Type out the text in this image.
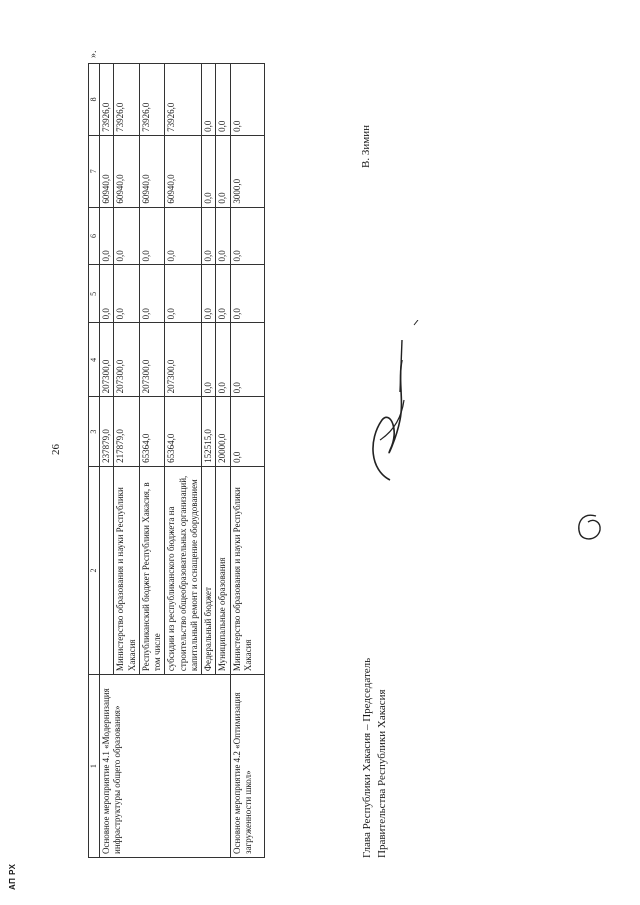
26
АП РХ
1	2	3	4	5	6	7	8
Основное мероприятие 4.1 «Модернизация инфраструктуры общего образования»		237879,0	207300,0	0,0	0,0	60940,0	73926,0
	Министерство образования и науки Республики Хакасия	217879,0	207300,0	0,0	0,0	60940,0	73926,0
	Республиканский бюджет Республики Хакасия, в том числе	65364,0	207300,0	0,0	0,0	60940,0	73926,0
	субсидии из республиканского бюджета на строительство общеобразовательных организаций, капитальный ремонт и оснащение оборудованием	65364,0	207300,0	0,0	0,0	60940,0	73926,0
	Федеральный бюджет	152515,0	0,0	0,0	0,0	0,0	0,0
	Муниципальные образования	20000,0	0,0	0,0	0,0	0,0	0,0
Основное мероприятие 4.2 «Оптимизация загруженности школ»	Министерство образования и науки Республики Хакасия	0,0	0,0	0,0	0,0	3000,0	0,0
».
Глава Республики Хакасия – Председатель Правительства Республики Хакасия
В. Зимин
